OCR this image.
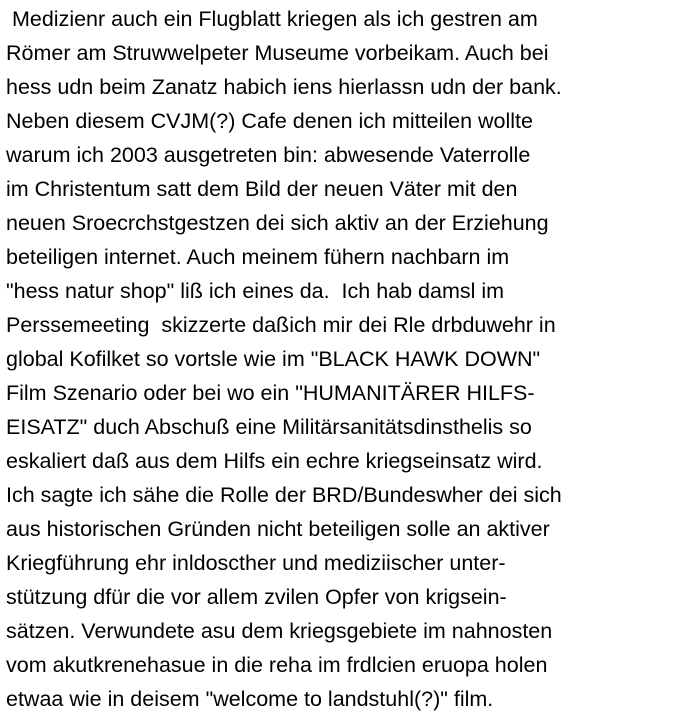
Medizienr auch ein Flugblatt kriegen als ich gestren am
Römer am Struwwelpeter Museume vorbeikam. Auch bei
hess udn beim Zanatz habich iens hierlassn udn der bank.
Neben diesem CVJM(?) Cafe denen ich mitteilen wollte
warum ich 2003 ausgetreten bin: abwesende Vaterrolle
im Christentum satt dem Bild der neuen Väter mit den
neuen Sroecrchstgestzen dei sich aktiv an der Erziehung
beteiligen internet. Auch meinem fühern nachbarn im
"hess natur shop" liß ich eines da.  Ich hab damsl im
Perssemeeting  skizzerte daßich mir dei Rle drbduwehr in
global Kofilket so vortsle wie im "BLACK HAWK DOWN"
Film Szenario oder bei wo ein "HUMANITÄRER HILFS-
EISATZ" duch Abschuß eine Militärsanitätsdinsthelis so
eskaliert daß aus dem Hilfs ein echre kriegseinsatz wird.
Ich sagte ich sähe die Rolle der BRD/Bundeswher dei sich
aus historischen Gründen nicht beteiligen solle an aktiver
Kriegführung ehr inldoscther und mediziischer unter-
stützung dfür die vor allem zvilen Opfer von krigsein-
sätzen. Verwundete asu dem kriegsgebiete im nahnosten
vom akutkrenehasue in die reha im frdlcien eruopa holen
etwaa wie in deisem "welcome to landstuhl(?)" film.
